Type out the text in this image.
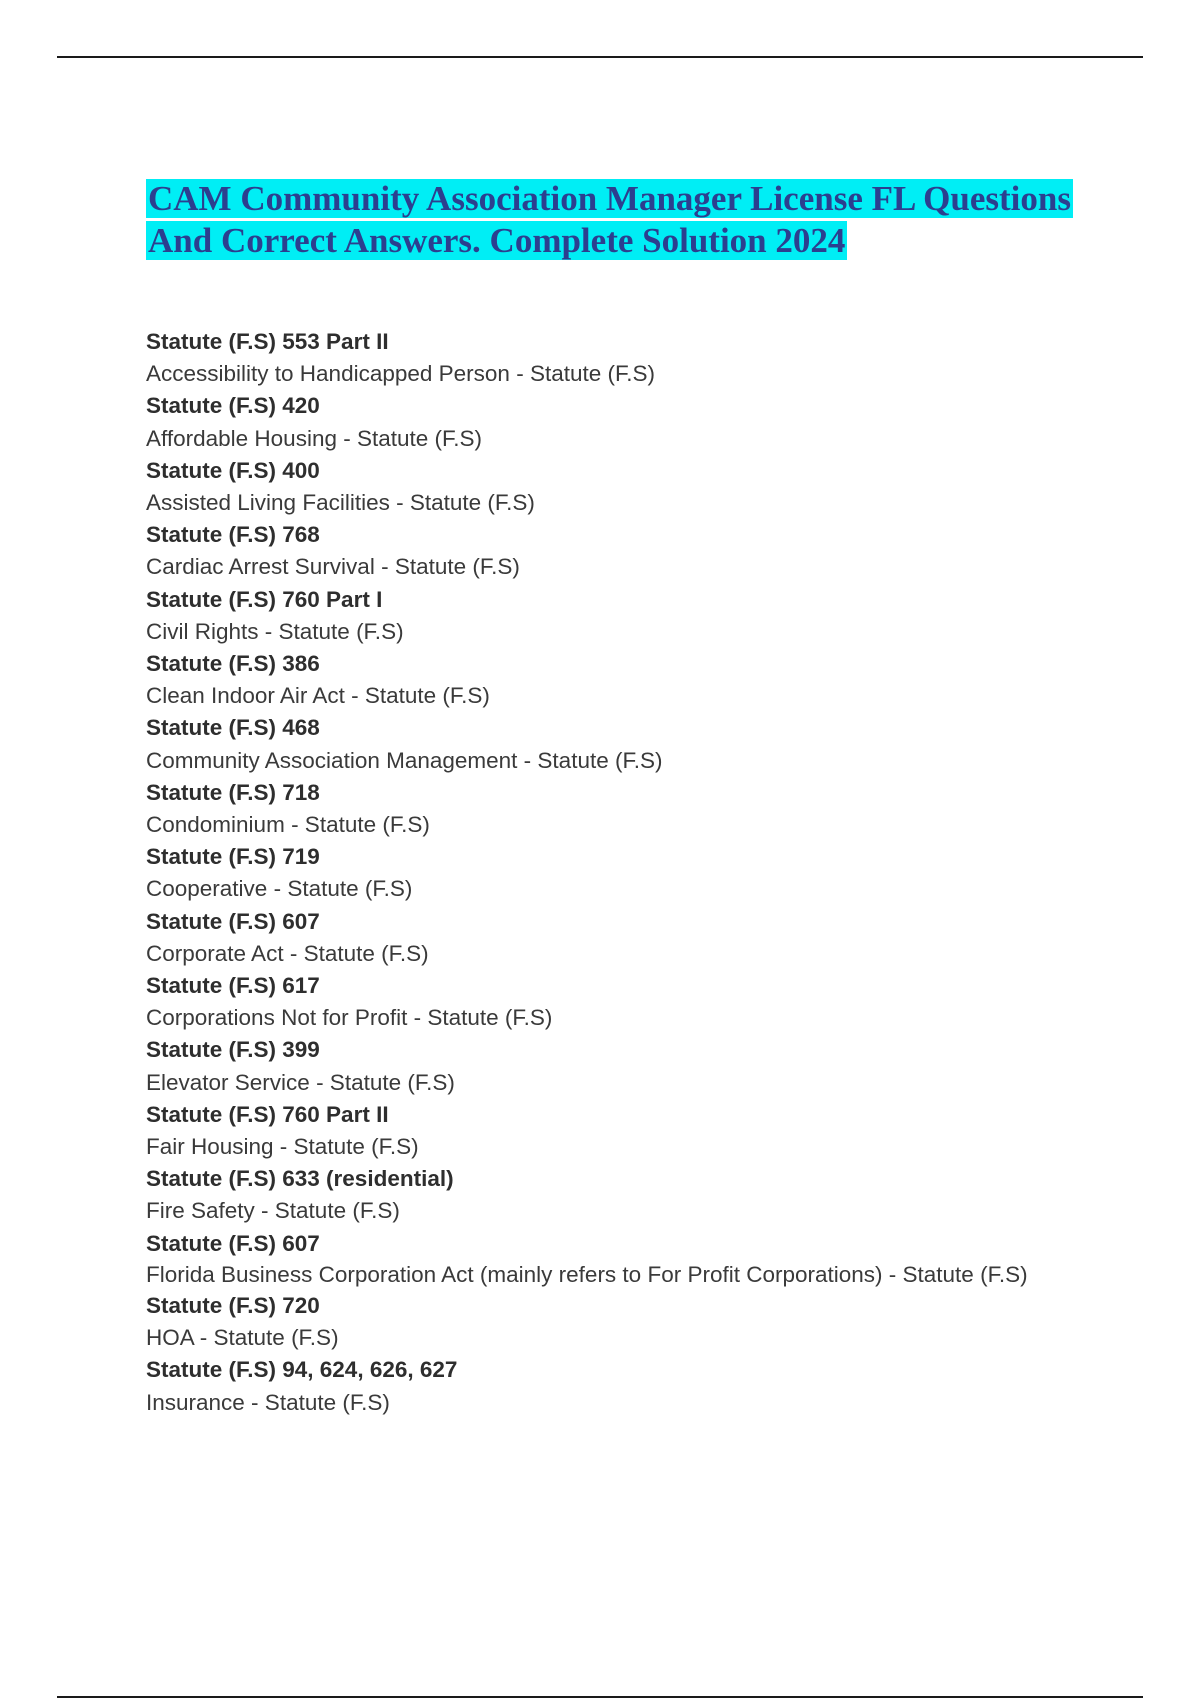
CAM Community Association Manager License FL Questions And Correct Answers. Complete Solution 2024
Statute (F.S) 553 Part II
Accessibility to Handicapped Person - Statute (F.S)
Statute (F.S) 420
Affordable Housing - Statute (F.S)
Statute (F.S) 400
Assisted Living Facilities - Statute (F.S)
Statute (F.S) 768
Cardiac Arrest Survival - Statute (F.S)
Statute (F.S) 760 Part I
Civil Rights - Statute (F.S)
Statute (F.S) 386
Clean Indoor Air Act - Statute (F.S)
Statute (F.S) 468
Community Association Management - Statute (F.S)
Statute (F.S) 718
Condominium - Statute (F.S)
Statute (F.S) 719
Cooperative - Statute (F.S)
Statute (F.S) 607
Corporate Act - Statute (F.S)
Statute (F.S) 617
Corporations Not for Profit - Statute (F.S)
Statute (F.S) 399
Elevator Service - Statute (F.S)
Statute (F.S) 760 Part II
Fair Housing - Statute (F.S)
Statute (F.S) 633 (residential)
Fire Safety - Statute (F.S)
Statute (F.S) 607
Florida Business Corporation Act (mainly refers to For Profit Corporations) - Statute (F.S)
Statute (F.S) 720
HOA - Statute (F.S)
Statute (F.S) 94, 624, 626, 627
Insurance - Statute (F.S)
